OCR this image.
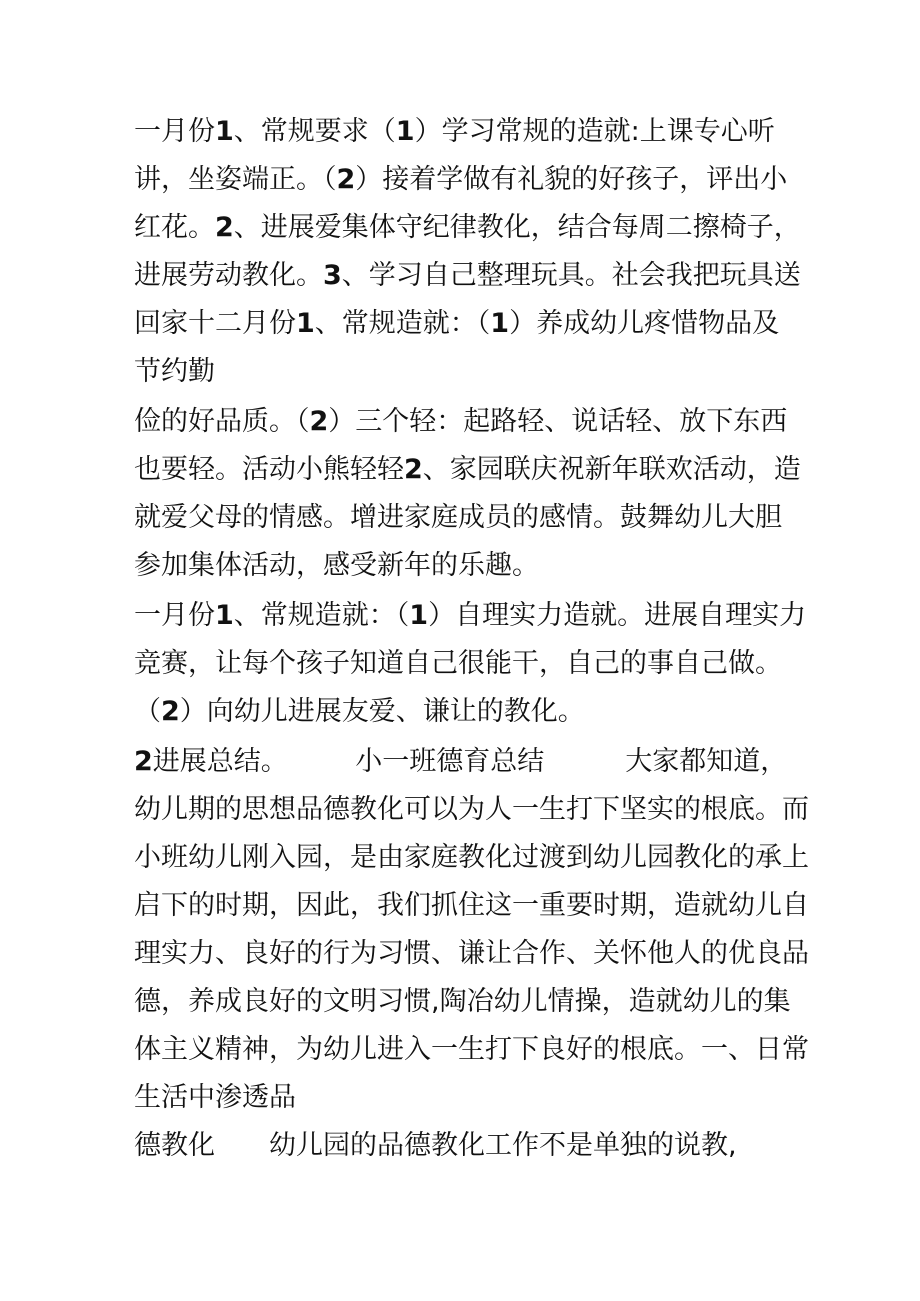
一月份1、常规要求（1）学习常规的造就:上课专心听
讲，坐姿端正。（2）接着学做有礼貌的好孩子，评出小
红花。2、进展爱集体守纪律教化，结合每周二擦椅子，
进展劳动教化。3、学习自己整理玩具。社会我把玩具送
回家十二月份1、常规造就：（1）养成幼儿疼惜物品及
节约勤
俭的好品质。（2）三个轻：起路轻、说话轻、放下东西
也要轻。活动小熊轻轻2、家园联庆祝新年联欢活动，造
就爱父母的情感。增进家庭成员的感情。鼓舞幼儿大胆
参加集体活动，感受新年的乐趣。
一月份1、常规造就：（1）自理实力造就。进展自理实力
竞赛，让每个孩子知道自己很能干，自己的事自己做。
（2）向幼儿进展友爱、谦让的教化。
2进展总结。　　　小一班德育总结　　　大家都知道，
幼儿期的思想品德教化可以为人一生打下坚实的根底。而
小班幼儿刚入园，是由家庭教化过渡到幼儿园教化的承上
启下的时期，因此，我们抓住这一重要时期，造就幼儿自
理实力、良好的行为习惯、谦让合作、关怀他人的优良品
德，养成良好的文明习惯,陶冶幼儿情操，造就幼儿的集
体主义精神，为幼儿进入一生打下良好的根底。一、日常
生活中渗透品
德教化　　幼儿园的品德教化工作不是单独的说教,
